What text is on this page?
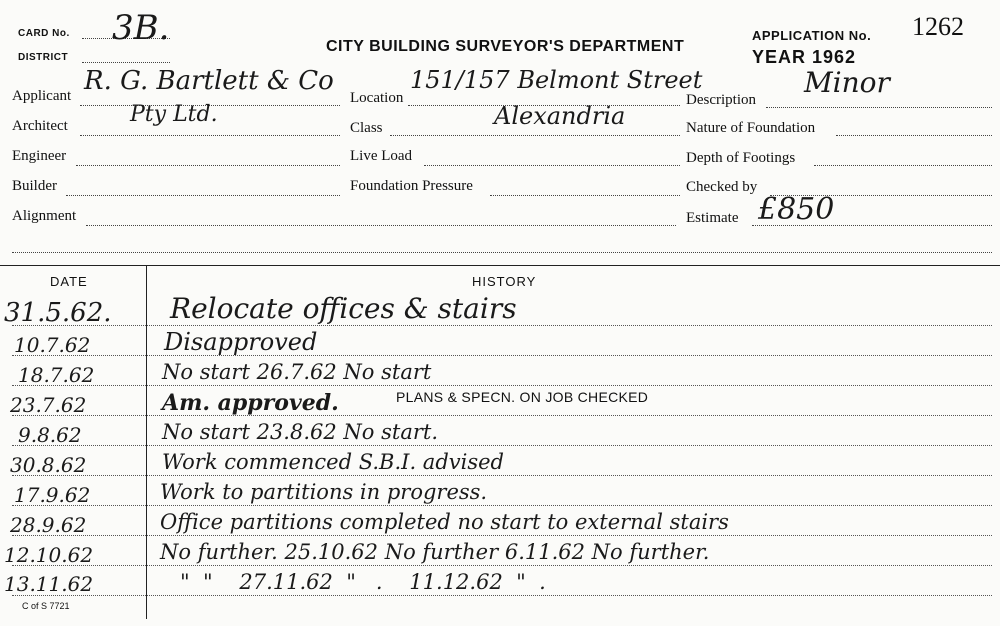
CARD No. 3B.
DISTRICT
CITY BUILDING SURVEYOR'S DEPARTMENT
APPLICATION No. 1262
YEAR 1962
Applicant R. G. Bartlett & Co
Architect	Pty Ltd.
Engineer
Builder
Alignment
Location
151/157 Belmont Street
Class	Alexandria
Live Load
Foundation Pressure
Description
Minor
Nature of Foundation
Depth of Footings
Checked by
Estimate £850
DATE	HISTORY
31.5.62. Relocate offices & stairs
10.7.62	Disapproved
18.7.62	No start 26.7.62 No start
23.7.62	Am. approved.	PLANS & SPECN. ON JOB CHECKED
9.8.62	No start 23.8.62 No start.
30.8.62	Work commenced S.B.I. advised
17.9.62	Work to partitions in progress.
28.9.62	Office partitions completed no start to external stairs
12.10.62	No further. 25.10.62 No further 6.11.62 No further.
13.11.62	"  "    27.11.62  "   .    11.12.62  "  .
C of S 7721
